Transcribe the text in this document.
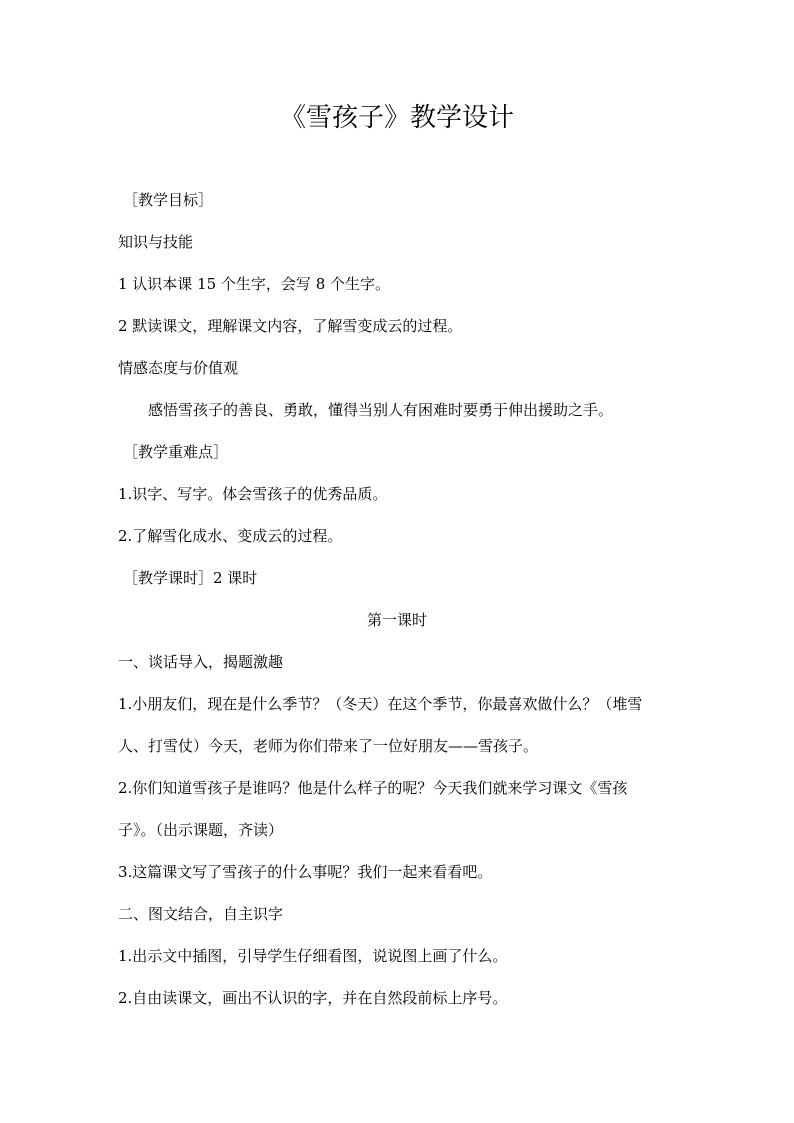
《雪孩子》教学设计
［教学目标］
知识与技能
1 认识本课 15 个生字，会写 8 个生字。
2 默读课文，理解课文内容，了解雪变成云的过程。
情感态度与价值观
感悟雪孩子的善良、勇敢，懂得当别人有困难时要勇于伸出援助之手。
［教学重难点］
1.识字、写字。体会雪孩子的优秀品质。
2.了解雪化成水、变成云的过程。
［教学课时］2 课时
第一课时
一、谈话导入，揭题激趣
1.小朋友们，现在是什么季节？（冬天）在这个季节，你最喜欢做什么？（堆雪
人、打雪仗）今天，老师为你们带来了一位好朋友——雪孩子。
2.你们知道雪孩子是谁吗？他是什么样子的呢？今天我们就来学习课文《雪孩
子》。（出示课题，齐读）
3.这篇课文写了雪孩子的什么事呢？我们一起来看看吧。
二、图文结合，自主识字
1.出示文中插图，引导学生仔细看图，说说图上画了什么。
2.自由读课文，画出不认识的字，并在自然段前标上序号。
